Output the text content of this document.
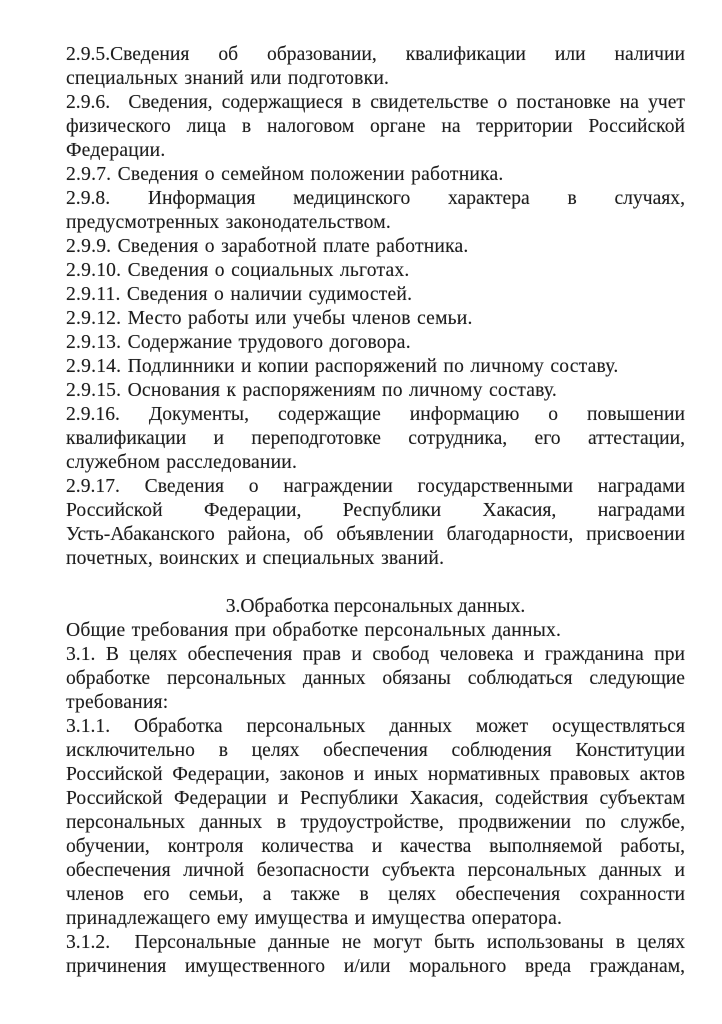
2.9.5.Сведения об образовании, квалификации или наличии
специальных знаний или подготовки.
2.9.6.  Сведения, содержащиеся в свидетельстве о постановке на учет
физического лица в налоговом органе на территории Российской
Федерации.
2.9.7. Сведения о семейном положении работника.
2.9.8. Информация медицинского характера в случаях,
предусмотренных законодательством.
2.9.9. Сведения о заработной плате работника.
2.9.10. Сведения о социальных льготах.
2.9.11. Сведения о наличии судимостей.
2.9.12. Место работы или учебы членов семьи.
2.9.13. Содержание трудового договора.
2.9.14. Подлинники и копии распоряжений по личному составу.
2.9.15. Основания к распоряжениям по личному составу.
2.9.16. Документы, содержащие информацию о повышении
квалификации и переподготовке сотрудника, его аттестации,
служебном расследовании.
2.9.17. Сведения о награждении государственными наградами
Российской Федерации, Республики Хакасия, наградами
Усть-Абаканского района, об объявлении благодарности, присвоении
почетных, воинских и специальных званий.
3.Обработка персональных данных.
Общие требования при обработке персональных данных.
3.1. В целях обеспечения прав и свобод человека и гражданина при
обработке персональных данных обязаны соблюдаться следующие
требования:
3.1.1. Обработка персональных данных может осуществляться
исключительно в целях обеспечения соблюдения Конституции
Российской Федерации, законов и иных нормативных правовых актов
Российской Федерации и Республики Хакасия, содействия субъектам
персональных данных в трудоустройстве, продвижении по службе,
обучении, контроля количества и качества выполняемой работы,
обеспечения личной безопасности субъекта персональных данных и
членов его семьи, а также в целях обеспечения сохранности
принадлежащего ему имущества и имущества оператора.
3.1.2.  Персональные данные не могут быть использованы в целях
причинения имущественного и/или морального вреда гражданам,
